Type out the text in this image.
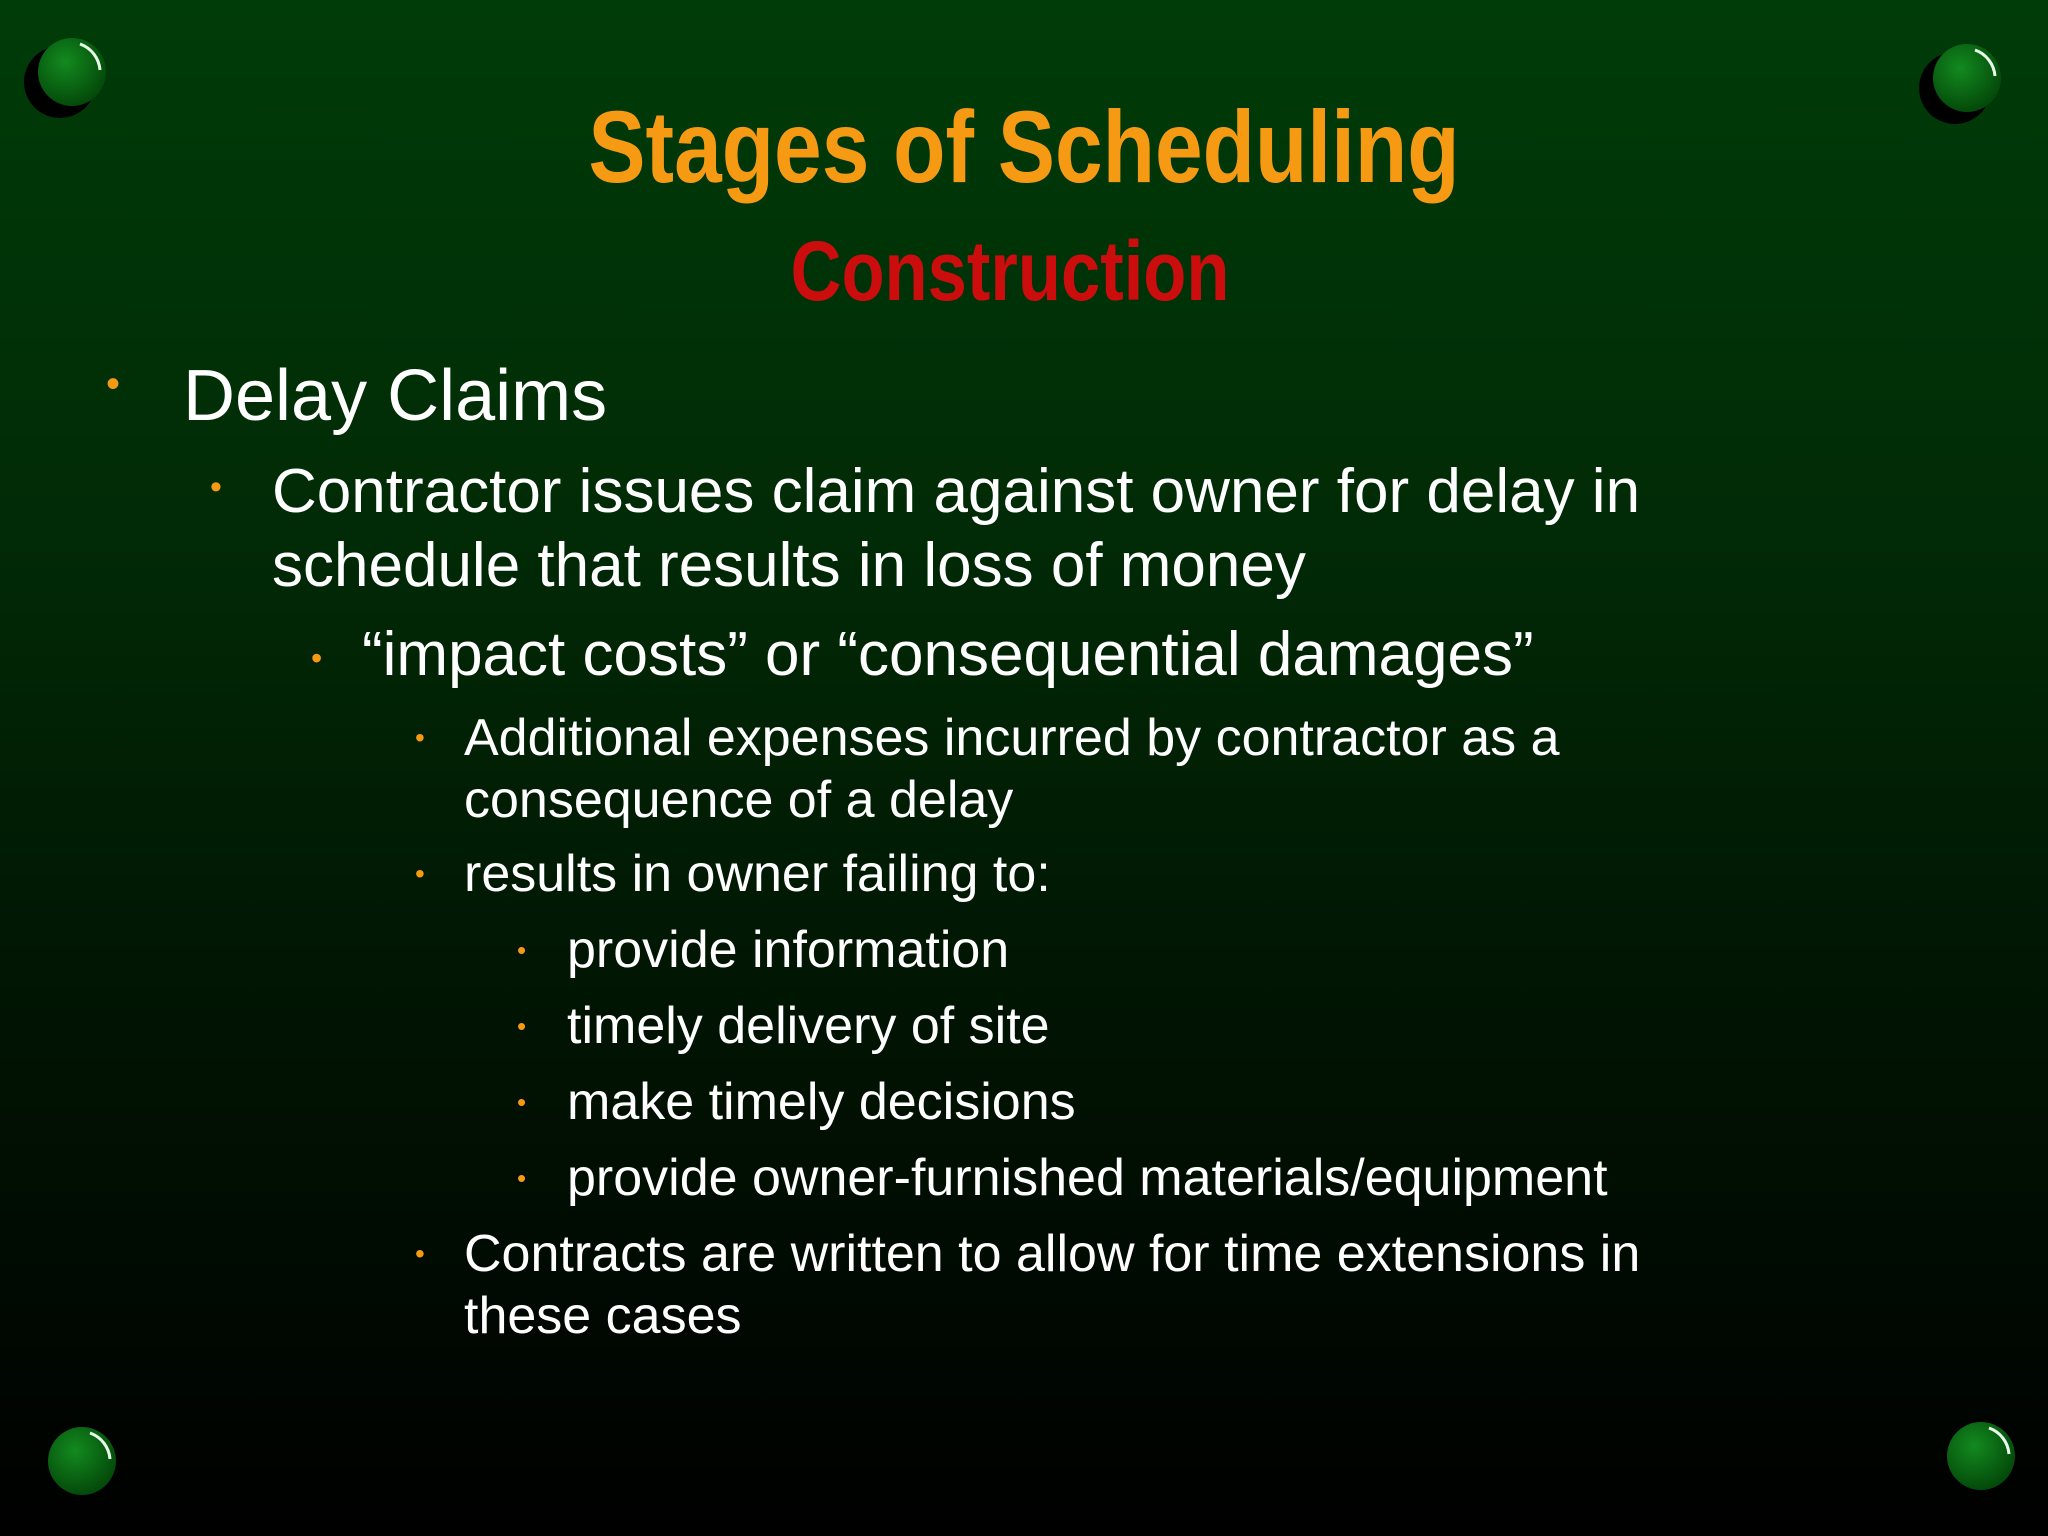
Stages of Scheduling
Construction
• Delay Claims

• Contractor issues claim against owner for delay in

schedule that results in loss of money

• “impact costs” or “consequential damages”

• Additional expenses incurred by contractor as a

consequence of a delay

• results in owner failing to:

• provide information

• timely delivery of site

• make timely decisions

• provide owner-furnished materials/equipment

• Contracts are written to allow for time extensions in

these cases
